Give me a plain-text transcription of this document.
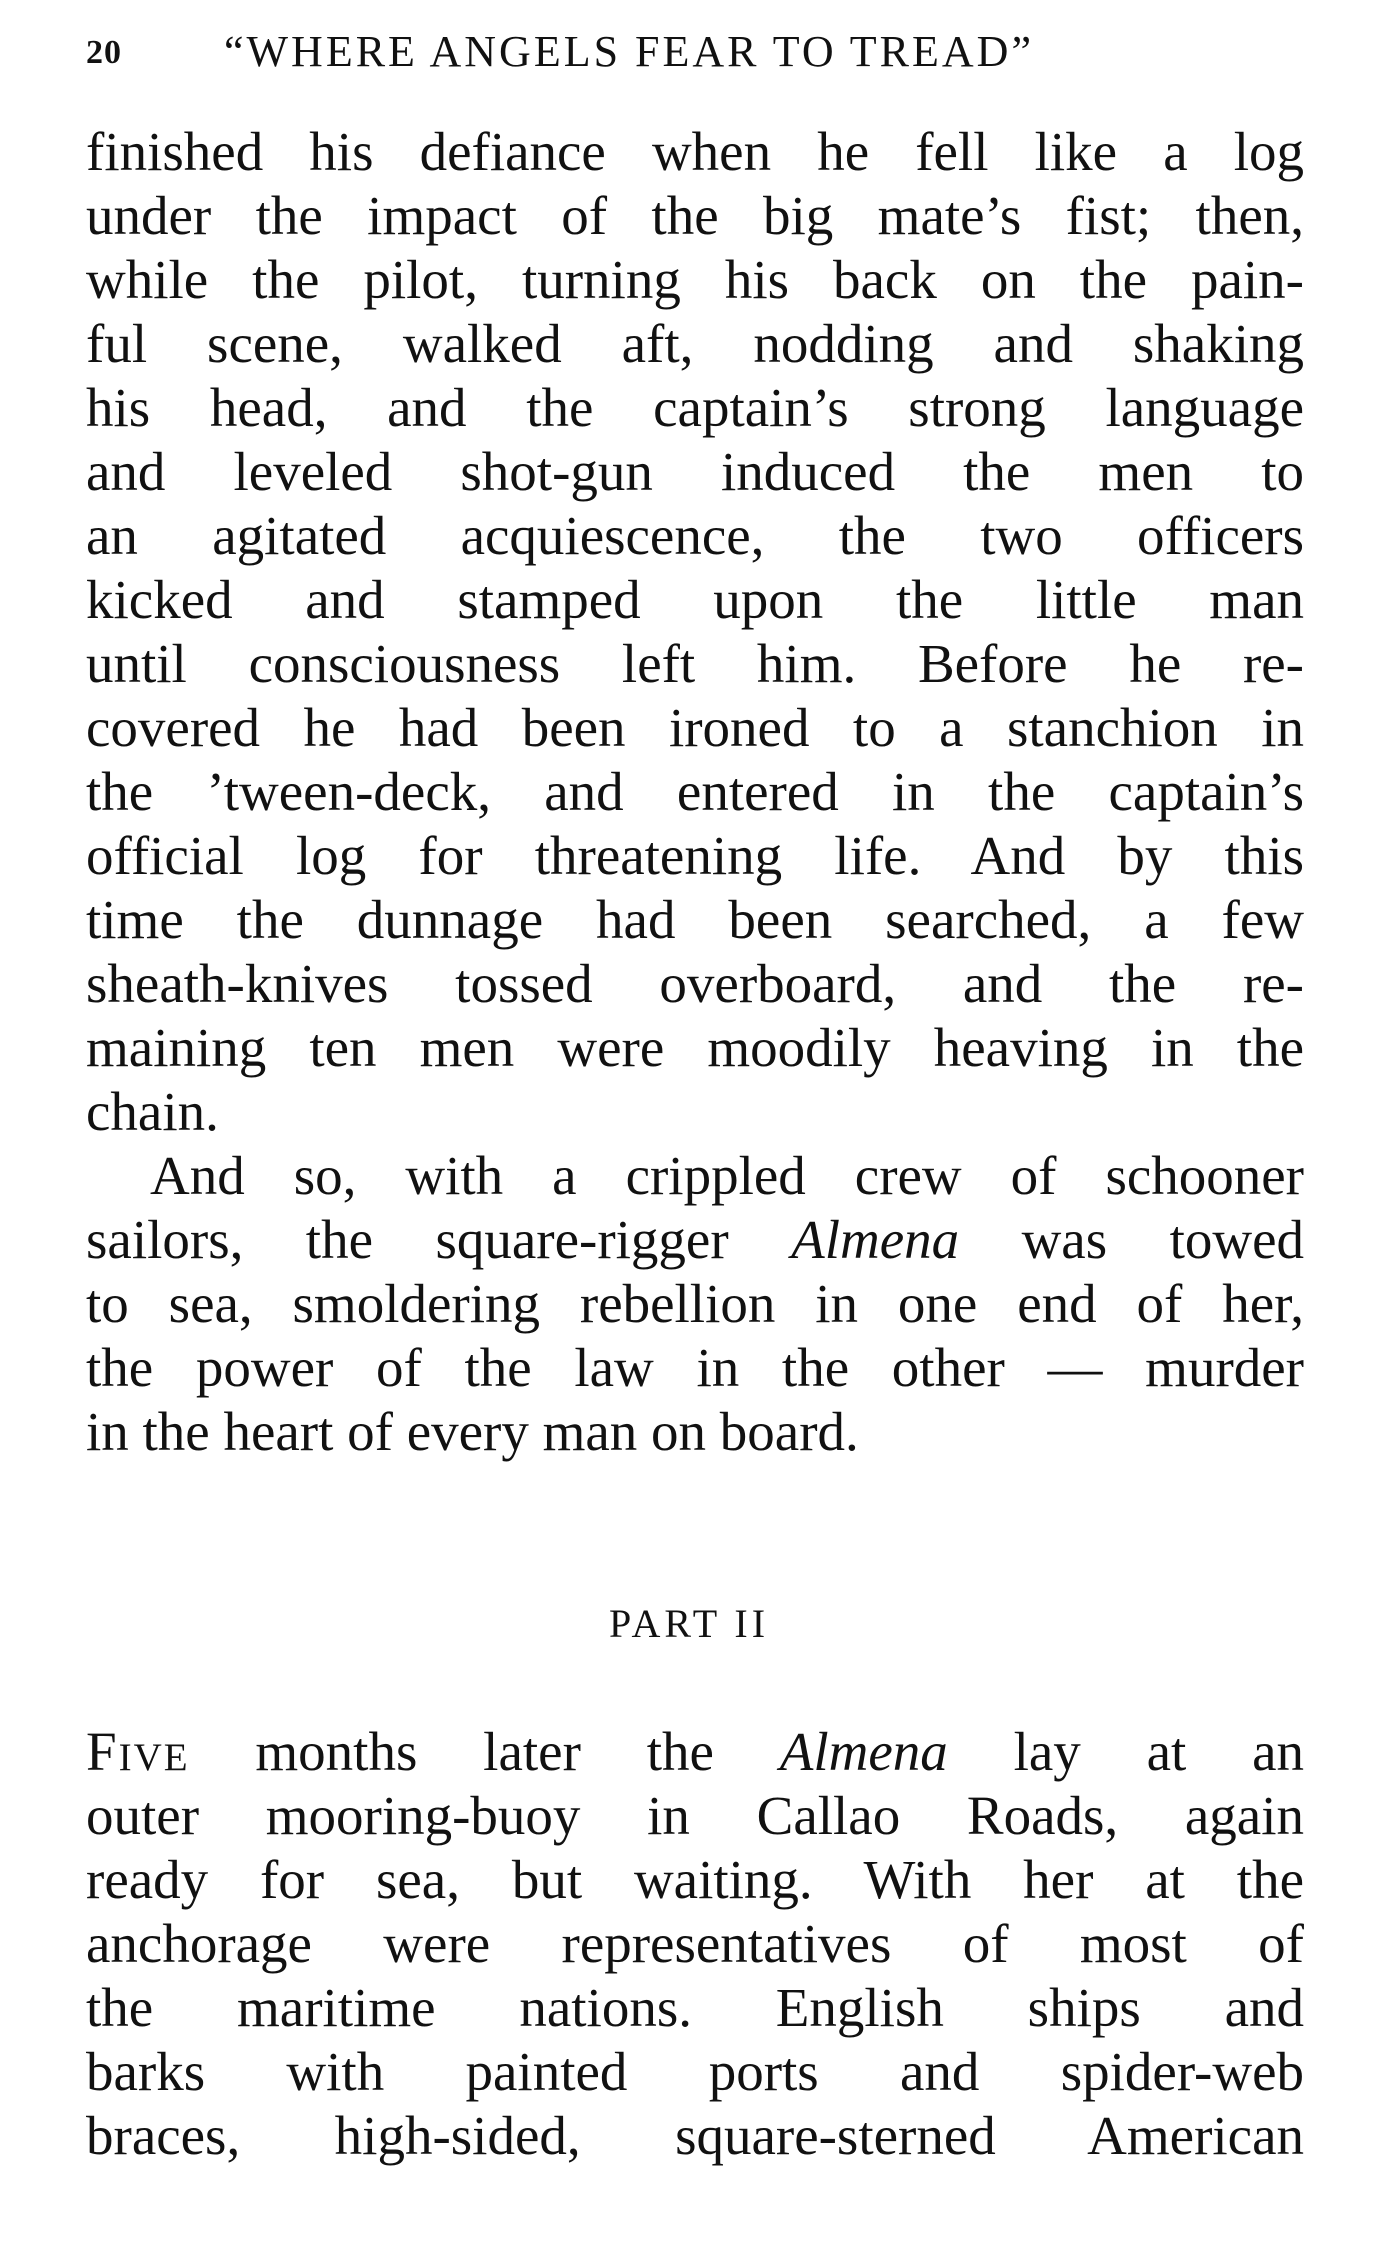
20 “WHERE ANGELS FEAR TO TREAD”
finished his defiance when he fell like a log
under the impact of the big mate’s fist; then,
while the pilot, turning his back on the pain-
ful scene, walked aft, nodding and shaking
his head, and the captain’s strong language
and leveled shot-gun induced the men to
an agitated acquiescence, the two officers
kicked and stamped upon the little man
until consciousness left him. Before he re-
covered he had been ironed to a stanchion in
the ’tween-deck, and entered in the captain’s
official log for threatening life. And by this
time the dunnage had been searched, a few
sheath-knives tossed overboard, and the re-
maining ten men were moodily heaving in the
chain.
And so, with a crippled crew of schooner
sailors, the square-rigger Almena was towed
to sea, smoldering rebellion in one end of her,
the power of the law in the other — murder
in the heart of every man on board.
PART II
Five months later the Almena lay at an
outer mooring-buoy in Callao Roads, again
ready for sea, but waiting. With her at the
anchorage were representatives of most of
the maritime nations. English ships and
barks with painted ports and spider-web
braces, high-sided, square-sterned American
